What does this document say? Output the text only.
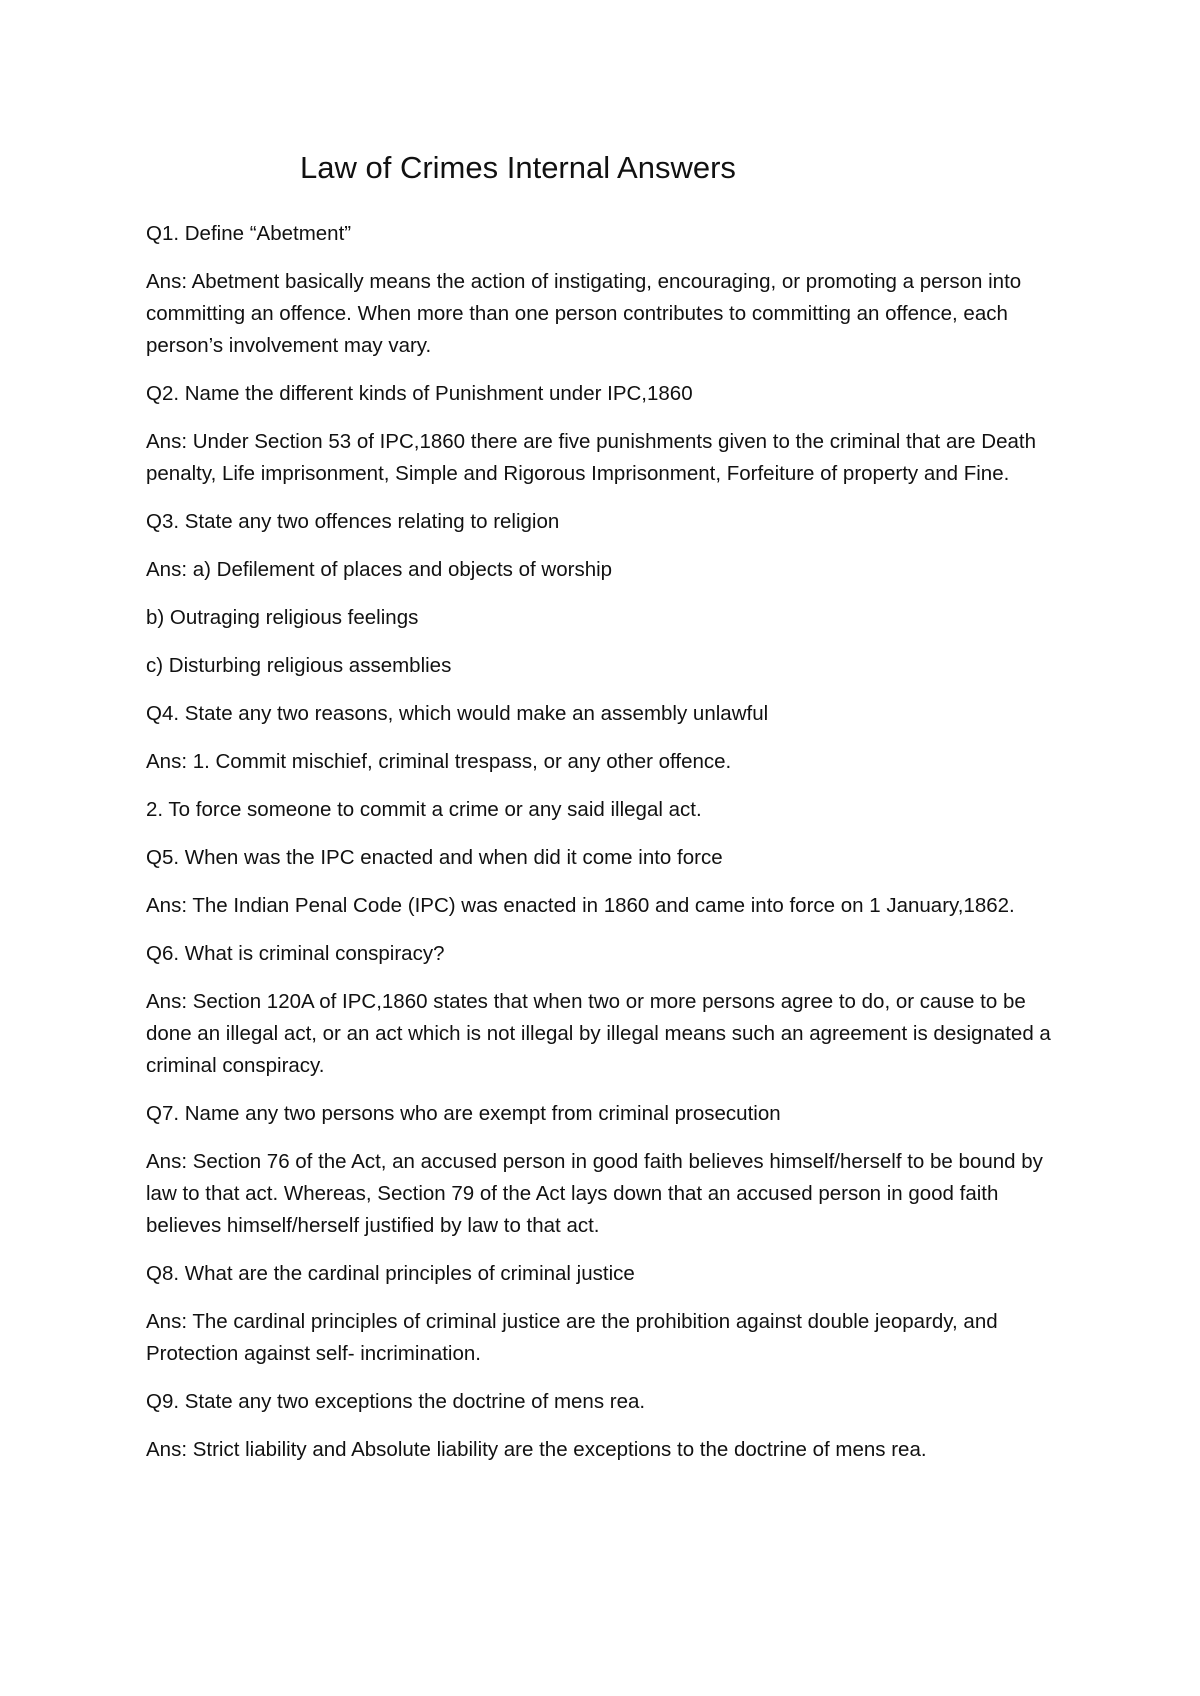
Law of Crimes Internal Answers

Q1. Define “Abetment”

Ans: Abetment basically means the action of instigating, encouraging, or promoting a person into committing an offence. When more than one person contributes to committing an offence, each person’s involvement may vary.

Q2. Name the different kinds of Punishment under IPC,1860

Ans: Under Section 53 of IPC,1860 there are five punishments given to the criminal that are Death penalty, Life imprisonment, Simple and Rigorous Imprisonment, Forfeiture of property and Fine.

Q3. State any two offences relating to religion

Ans: a) Defilement of places and objects of worship

b) Outraging religious feelings

c) Disturbing religious assemblies

Q4. State any two reasons, which would make an assembly unlawful

Ans: 1. Commit mischief, criminal trespass, or any other offence.

2. To force someone to commit a crime or any said illegal act.

Q5. When was the IPC enacted and when did it come into force

Ans: The Indian Penal Code (IPC) was enacted in 1860 and came into force on 1 January,1862.

Q6. What is criminal conspiracy?

Ans: Section 120A of IPC,1860 states that when two or more persons agree to do, or cause to be done an illegal act, or an act which is not illegal by illegal means such an agreement is designated a criminal conspiracy.

Q7. Name any two persons who are exempt from criminal prosecution

Ans: Section 76 of the Act, an accused person in good faith believes himself/herself to be bound by law to that act. Whereas, Section 79 of the Act lays down that an accused person in good faith believes himself/herself justified by law to that act.

Q8. What are the cardinal principles of criminal justice

Ans: The cardinal principles of criminal justice are the prohibition against double jeopardy, and Protection against self- incrimination.

Q9. State any two exceptions the doctrine of mens rea.

Ans: Strict liability and Absolute liability are the exceptions to the doctrine of mens rea.
